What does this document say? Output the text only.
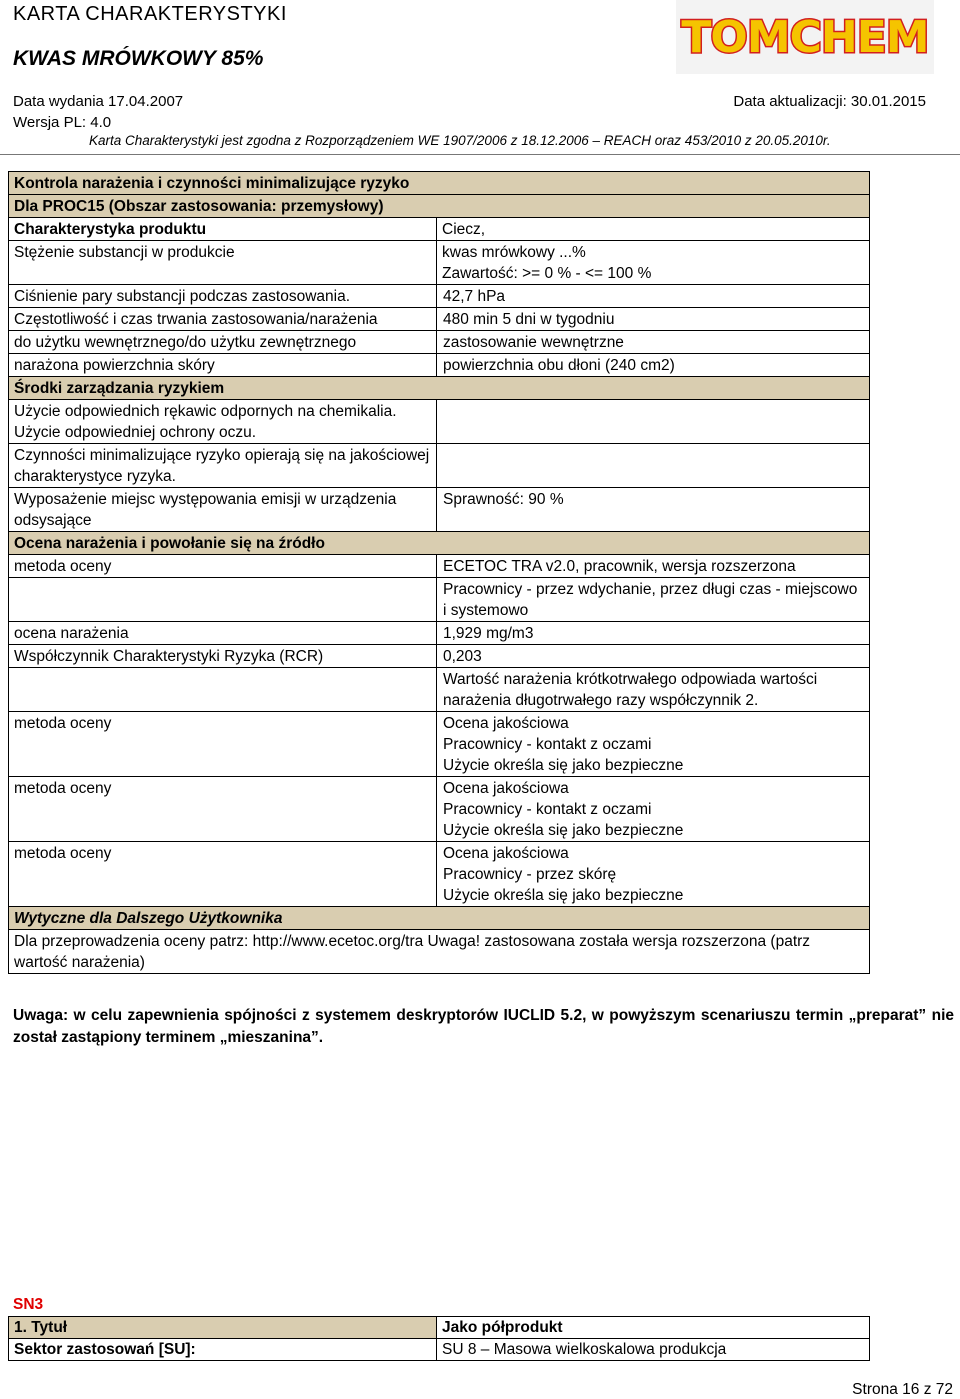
KARTA CHARAKTERYSTYKI
KWAS MRÓWKOWY 85%	TOMCHEM
Data wydania 17.04.2007	Data aktualizacji: 30.01.2015
Wersja PL: 4.0
Karta Charakterystyki jest zgodna z Rozporządzeniem WE 1907/2006 z 18.12.2006 – REACH oraz 453/2010 z 20.05.2010r.
Kontrola narażenia i czynności minimalizujące ryzyko	
Dla PROC15 (Obszar zastosowania: przemysłowy)	
Charakterystyka produktu	Ciecz,
Stężenie substancji w produkcie	kwas mrówkowy ...%
Zawartość: >= 0 % - <= 100 %

Ciśnienie pary substancji podczas zastosowania.	42,7 hPa
Częstotliwość i czas trwania zastosowania/narażenia	480 min 5 dni w tygodniu
do użytku wewnętrznego/do użytku zewnętrznego	zastosowanie wewnętrzne
narażona powierzchnia skóry	powierzchnia obu dłoni (240 cm2)
Środki zarządzania ryzykiem	
Użycie odpowiednich rękawic odpornych na chemikalia. Użycie odpowiedniej ochrony oczu.	
Czynności minimalizujące ryzyko opierają się na jakościowej charakterystyce ryzyka.	
Wyposażenie miejsc występowania emisji w urządzenia odsysające	Sprawność: 90 %
Ocena narażenia i powołanie się na źródło	
metoda oceny	ECETOC TRA v2.0, pracownik, wersja rozszerzona
	Pracownicy - przez wdychanie, przez długi czas - miejscowo i systemowo
ocena narażenia	1,929 mg/m3
Współczynnik Charakterystyki Ryzyka (RCR)	0,203
	Wartość narażenia krótkotrwałego odpowiada wartości narażenia długotrwałego razy współczynnik 2.
metoda oceny	Ocena jakościowa
Pracownicy - kontakt z oczami
Użycie określa się jako bezpieczne

metoda oceny	Ocena jakościowa
Pracownicy - kontakt z oczami
Użycie określa się jako bezpieczne

metoda oceny	Ocena jakościowa
Pracownicy - przez skórę
Użycie określa się jako bezpieczne

Wytyczne dla Dalszego Użytkownika	
Dla przeprowadzenia oceny patrz: http://www.ecetoc.org/tra Uwaga! zastosowana została wersja rozszerzona (patrz wartość narażenia)	
Uwaga: w celu zapewnienia spójności z systemem deskryptorów IUCLID 5.2, w powyższym scenariuszu termin „preparat” nie został zastąpiony terminem „mieszanina”.
SN3
1. Tytuł	Jako półprodukt
Sektor zastosowań [SU]:	SU 8 – Masowa wielkoskalowa produkcja
Strona 16 z 72
